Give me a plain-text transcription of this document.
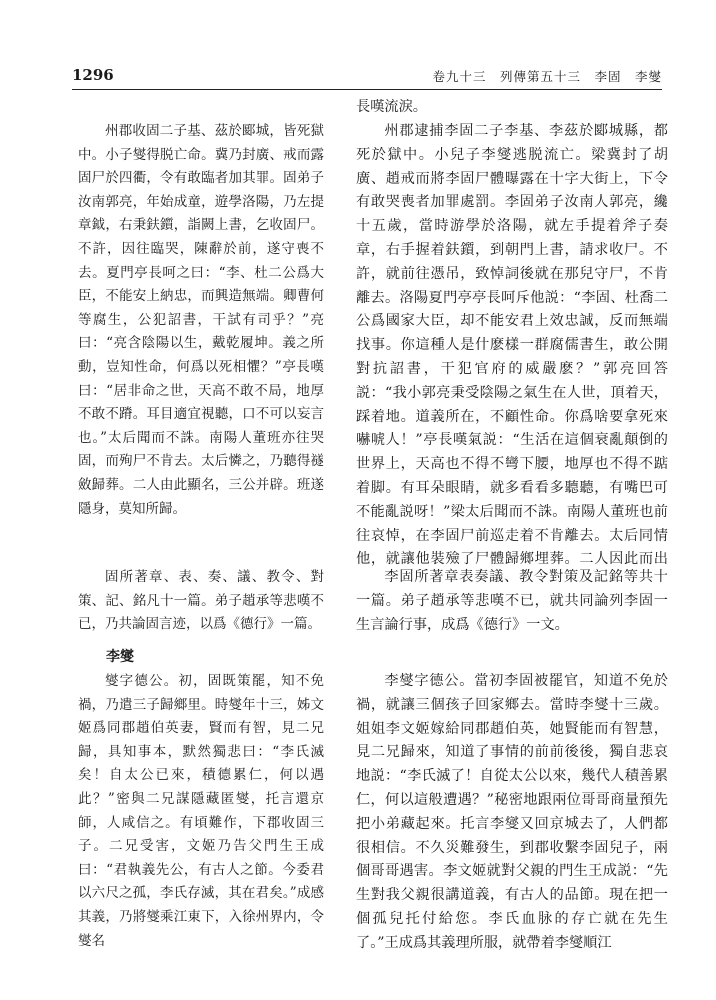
1296	卷九十三　列傳第五十三　李固　李燮

州郡收固二子基、茲於郾城，皆死獄中。小子燮得脱亡命。冀乃封廣、戒而露固尸於四衢，令有敢臨者加其罪。固弟子汝南郭亮，年始成童，遊學洛陽，乃左提章鉞，右秉鈇鑕，詣闕上書，乞收固尸。不許，因往臨哭，陳辭於前，遂守喪不去。夏門亭長呵之曰：“李、杜二公爲大臣，不能安上納忠，而興造無端。卿曹何等腐生，公犯詔書，干試有司乎？”亮曰：“亮含陰陽以生，戴乾履坤。義之所動，豈知性命，何爲以死相懼？”亭長嘆曰：“居非命之世，天高不敢不局，地厚不敢不蹐。耳目適宜視聽，口不可以妄言也。”太后聞而不誅。南陽人董班亦往哭固，而殉尸不肯去。太后憐之，乃聽得襚斂歸葬。二人由此顯名，三公并辟。班遂隱身，莫知所歸。

固所著章、表、奏、議、教令、對策、記、銘凡十一篇。弟子趙承等悲嘆不已，乃共論固言迹，以爲《德行》一篇。

李燮

燮字德公。初，固既策罷，知不免禍，乃遣三子歸鄉里。時燮年十三，姊文姬爲同郡趙伯英妻，賢而有智，見二兄歸，具知事本，默然獨悲曰：“李氏滅矣！自太公已來，積德累仁，何以遇此？”密與二兄謀隱藏匿燮，托言還京師，人咸信之。有頃難作，下郡收固三子。二兄受害，文姬乃告父門生王成曰：“君執義先公，有古人之節。今委君以六尺之孤，李氏存滅，其在君矣。”成感其義，乃將燮乘江東下，入徐州界内，令燮名

長嘆流淚。

州郡逮捕李固二子李基、李茲於郾城縣，都死於獄中。小兒子李燮逃脱流亡。梁冀封了胡廣、趙戒而將李固尸體曝露在十字大街上，下令有敢哭喪者加罪處罰。李固弟子汝南人郭亮，纔十五歲，當時游學於洛陽，就左手提着斧子奏章，右手握着鈇鑕，到朝門上書，請求收尸。不許，就前往憑吊，致悼詞後就在那兒守尸，不肯離去。洛陽夏門亭亭長呵斥他説：“李固、杜喬二公爲國家大臣，却不能安君上效忠誠，反而無端找事。你這種人是什麽樣一群腐儒書生，敢公開對抗詔書，干犯官府的威嚴麽？”郭亮回答説：“我小郭亮秉受陰陽之氣生在人世，頂着天，踩着地。道義所在，不顧性命。你爲啥要拿死來嚇唬人！”亭長嘆氣説：“生活在這個衰亂顛倒的世界上，天高也不得不彎下腰，地厚也不得不踮着脚。有耳朵眼睛，就多看看多聽聽，有嘴巴可不能亂説呀！”梁太后聞而不誅。南陽人董班也前往哀悼，在李固尸前巡走着不肯離去。太后同情他，就讓他裝殮了尸體歸鄉埋葬。二人因此而出

李固所著章表奏議、教令對策及記銘等共十一篇。弟子趙承等悲嘆不已，就共同論列李固一生言論行事，成爲《德行》一文。

李燮字德公。當初李固被罷官，知道不免於禍，就讓三個孩子回家鄉去。當時李燮十三歲。姐姐李文姬嫁給同郡趙伯英，她賢能而有智慧，見二兄歸來，知道了事情的前前後後，獨自悲哀地説：“李氏滅了！自從太公以來，幾代人積善累仁，何以這般遭遇？”秘密地跟兩位哥哥商量預先把小弟藏起來。托言李燮又回京城去了，人們都很相信。不久災難發生，到郡收繫李固兒子，兩個哥哥遇害。李文姬就對父親的門生王成説：“先生對我父親很講道義，有古人的品節。現在把一個孤兒托付給您。李氏血脉的存亡就在先生了。”王成爲其義理所服，就帶着李燮順江
